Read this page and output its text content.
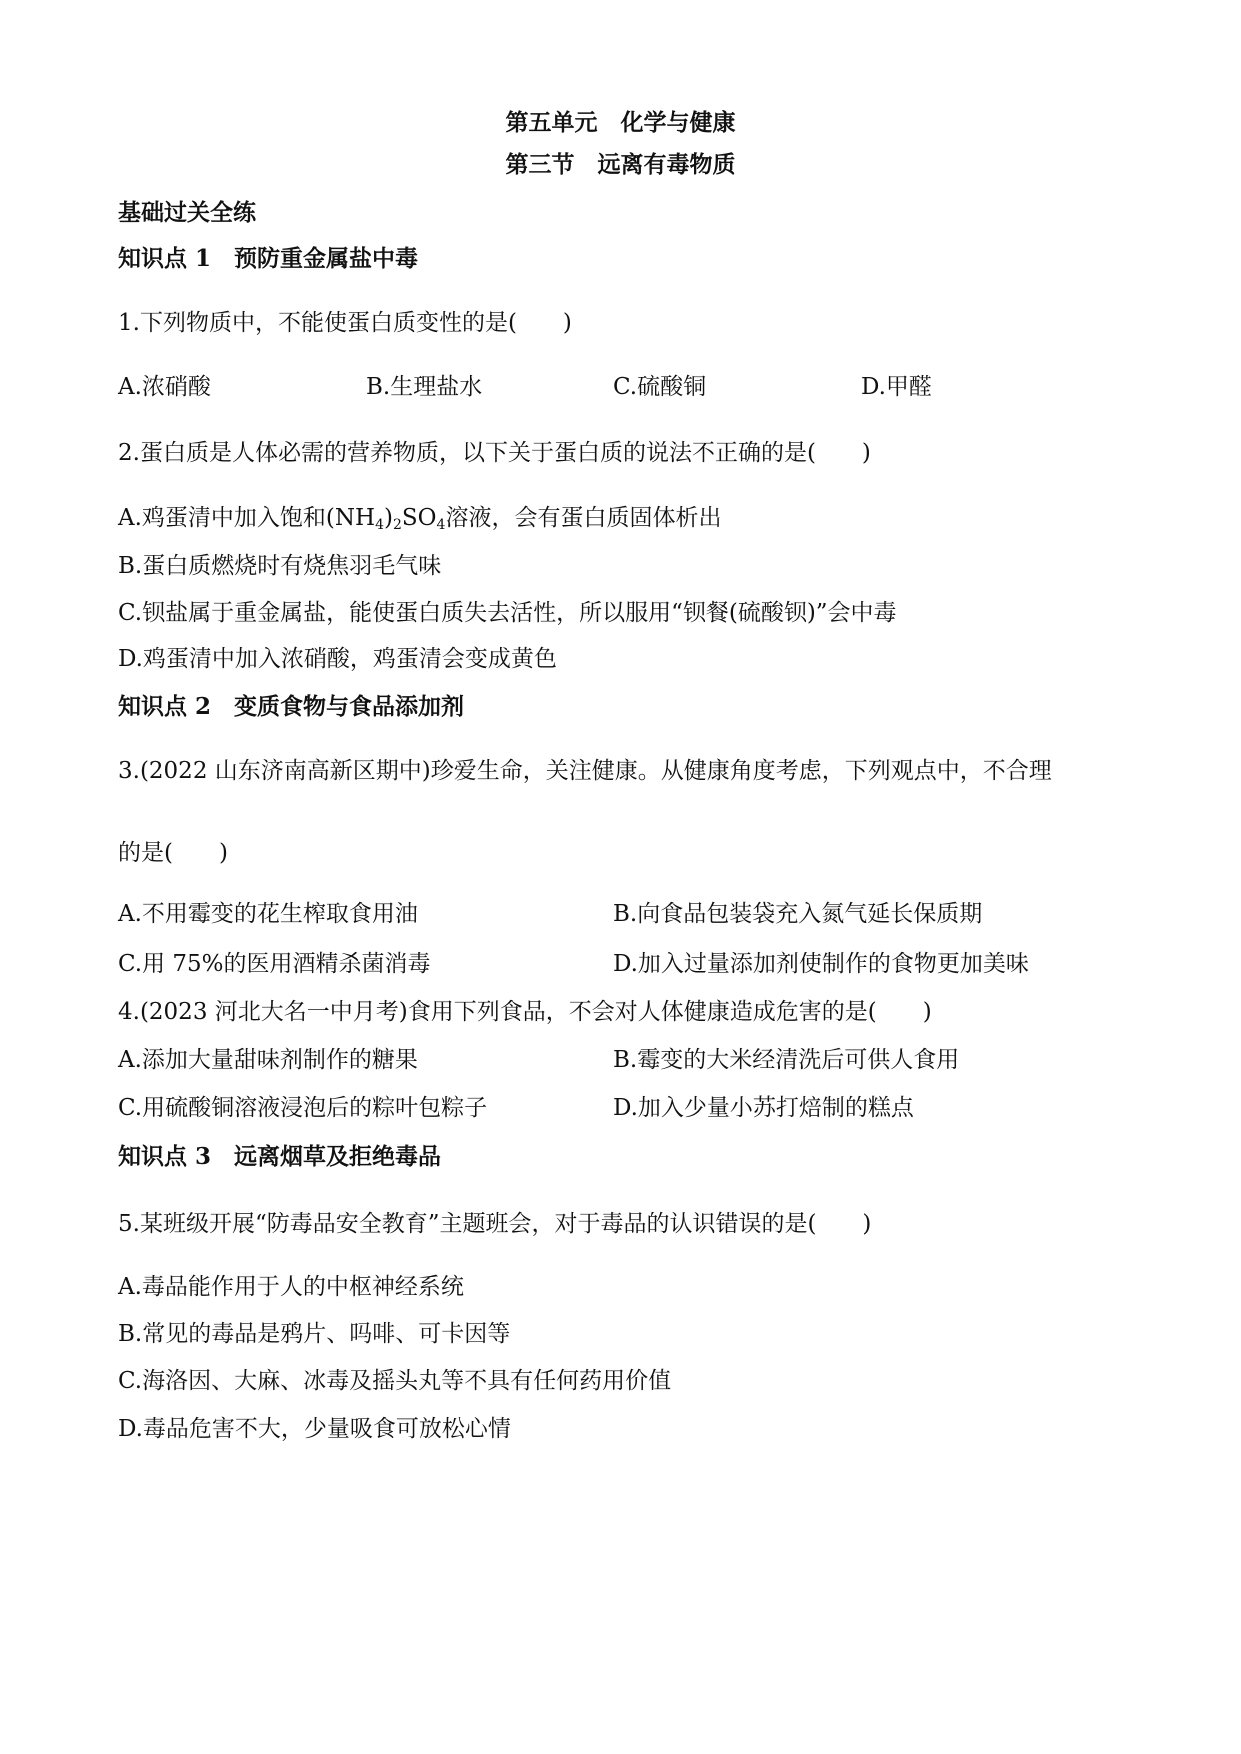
第五单元　化学与健康
第三节　远离有毒物质
基础过关全练
知识点 1　预防重金属盐中毒
1.下列物质中，不能使蛋白质变性的是(　　)
A.浓硝酸	B.生理盐水	C.硫酸铜	D.甲醛
2.蛋白质是人体必需的营养物质，以下关于蛋白质的说法不正确的是(　　)
A.鸡蛋清中加入饱和$(NH_4)_2SO_4$溶液，会有蛋白质固体析出
B.蛋白质燃烧时有烧焦羽毛气味
C.钡盐属于重金属盐，能使蛋白质失去活性，所以服用“钡餐(硫酸钡)”会中毒
D.鸡蛋清中加入浓硝酸，鸡蛋清会变成黄色
知识点 2　变质食物与食品添加剂
3.(2022 山东济南高新区期中)珍爱生命，关注健康。从健康角度考虑，下列观点中，不合理
的是(　　)
A.不用霉变的花生榨取食用油	B.向食品包装袋充入氮气延长保质期
C.用 75%的医用酒精杀菌消毒	D.加入过量添加剂使制作的食物更加美味
4.(2023 河北大名一中月考)食用下列食品，不会对人体健康造成危害的是(　　)
A.添加大量甜味剂制作的糖果	B.霉变的大米经清洗后可供人食用
C.用硫酸铜溶液浸泡后的粽叶包粽子	D.加入少量小苏打焙制的糕点
知识点 3　远离烟草及拒绝毒品
5.某班级开展“防毒品安全教育”主题班会，对于毒品的认识错误的是(　　)
A.毒品能作用于人的中枢神经系统
B.常见的毒品是鸦片、吗啡、可卡因等
C.海洛因、大麻、冰毒及摇头丸等不具有任何药用价值
D.毒品危害不大，少量吸食可放松心情
